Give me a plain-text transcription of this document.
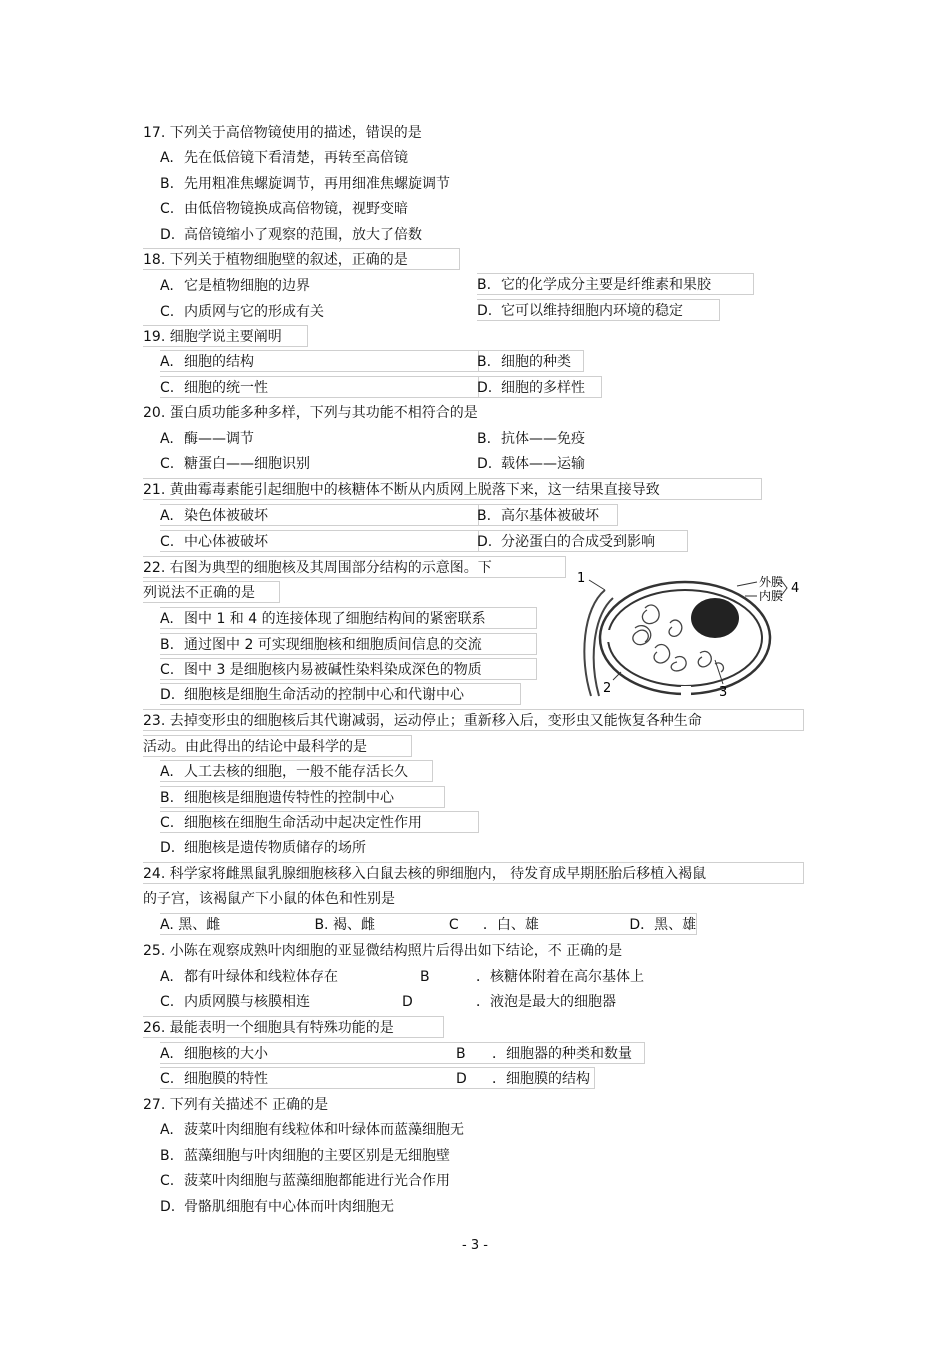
17. 下列关于高倍物镜使用的描述，错误的是
A. 先在低倍镜下看清楚，再转至高倍镜
B. 先用粗准焦螺旋调节，再用细准焦螺旋调节
C. 由低倍物镜换成高倍物镜，视野变暗
D. 高倍镜缩小了观察的范围，放大了倍数
18. 下列关于植物细胞壁的叙述，正确的是
A. 它是植物细胞的边界	B. 它的化学成分主要是纤维素和果胶
C. 内质网与它的形成有关	D. 它可以维持细胞内环境的稳定
19. 细胞学说主要阐明
A. 细胞的结构	B. 细胞的种类
C. 细胞的统一性	D. 细胞的多样性
20. 蛋白质功能多种多样，下列与其功能不相符合的是
A. 酶——调节	B. 抗体——免疫
C. 糖蛋白——细胞识别	D. 载体——运输
21. 黄曲霉毒素能引起细胞中的核糖体不断从内质网上脱落下来，这一结果直接导致
A. 染色体被破坏	B. 高尔基体被破坏
C. 中心体被破坏	D. 分泌蛋白的合成受到影响
22. 右图为典型的细胞核及其周围部分结构的示意图。下
列说法不正确的是
A. 图中 1 和 4 的连接体现了细胞结构间的紧密联系
B. 通过图中 2 可实现细胞核和细胞质间信息的交流
C. 图中 3 是细胞核内易被碱性染料染成深色的物质
D. 细胞核是细胞生命活动的控制中心和代谢中心
1
2	3
外膜
内膜 4
23. 去掉变形虫的细胞核后其代谢减弱，运动停止；重新移入后，变形虫又能恢复各种生命
活动。由此得出的结论中最科学的是
A. 人工去核的细胞，一般不能存活长久
B. 细胞核是细胞遗传特性的控制中心
C. 细胞核在细胞生命活动中起决定性作用
D. 细胞核是遗传物质储存的场所
24. 科学家将雌黑鼠乳腺细胞核移入白鼠去核的卵细胞内， 待发育成早期胚胎后移植入褐鼠
的子宫，该褐鼠产下小鼠的体色和性别是
A. 黑、雌	B. 褐、雌	C ．白、雄	D．黑、雄
25. 小陈在观察成熟叶肉细胞的亚显微结构照片后得出如下结论，不 正确的是
A. 都有叶绿体和线粒体存在	B	．核糖体附着在高尔基体上
C. 内质网膜与核膜相连	D	．液泡是最大的细胞器
26. 最能表明一个细胞具有特殊功能的是
A. 细胞核的大小	B ．细胞器的种类和数量
C. 细胞膜的特性	D ．细胞膜的结构
27. 下列有关描述不 正确的是
A. 菠菜叶肉细胞有线粒体和叶绿体而蓝藻细胞无
B. 蓝藻细胞与叶肉细胞的主要区别是无细胞壁
C. 菠菜叶肉细胞与蓝藻细胞都能进行光合作用
D. 骨骼肌细胞有中心体而叶肉细胞无
- 3 -
